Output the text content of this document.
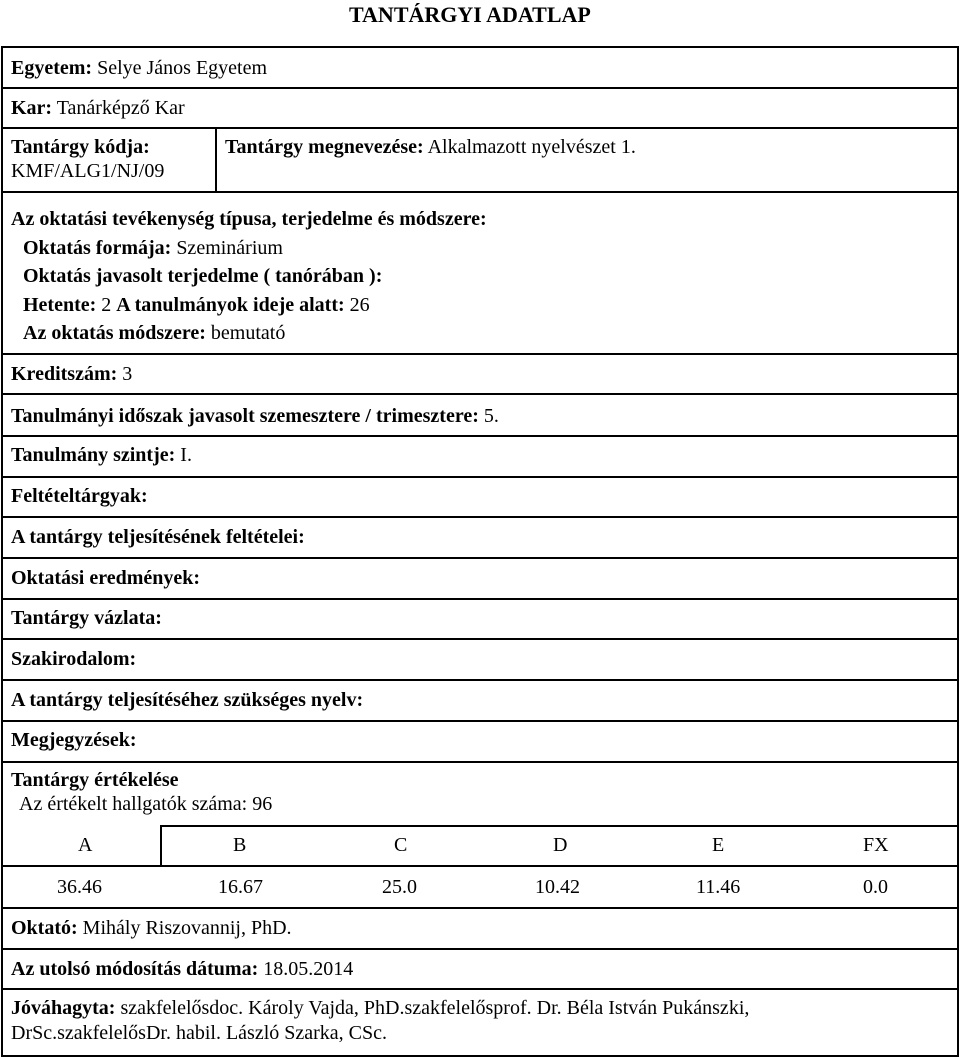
TANTÁRGYI ADATLAP
Egyetem: Selye János Egyetem
Kar: Tanárképző Kar
Tantárgy kódja:
KMF/ALG1/NJ/09
Tantárgy megnevezése: Alkalmazott nyelvészet 1.
Az oktatási tevékenység típusa, terjedelme és módszere:
Oktatás formája: Szeminárium
Oktatás javasolt terjedelme ( tanórában ):
Hetente: 2 A tanulmányok ideje alatt: 26
Az oktatás módszere: bemutató
Kreditszám: 3
Tanulmányi időszak javasolt szemesztere / trimesztere: 5.
Tanulmány szintje: I.
Feltételtárgyak:
A tantárgy teljesítésének feltételei:
Oktatási eredmények:
Tantárgy vázlata:
Szakirodalom:
A tantárgy teljesítéséhez szükséges nyelv:
Megjegyzések:
Tantárgy értékelése
Az értékelt hallgatók száma: 96
A	B	C	D	E	FX
36.46	16.67	25.0	10.42	11.46	0.0
Oktató: Mihály Riszovannij, PhD.
Az utolsó módosítás dátuma: 18.05.2014
Jóváhagyta: szakfelelősdoc. Károly Vajda, PhD.szakfelelősprof. Dr. Béla István Pukánszki,
DrSc.szakfelelősDr. habil. László Szarka, CSc.
